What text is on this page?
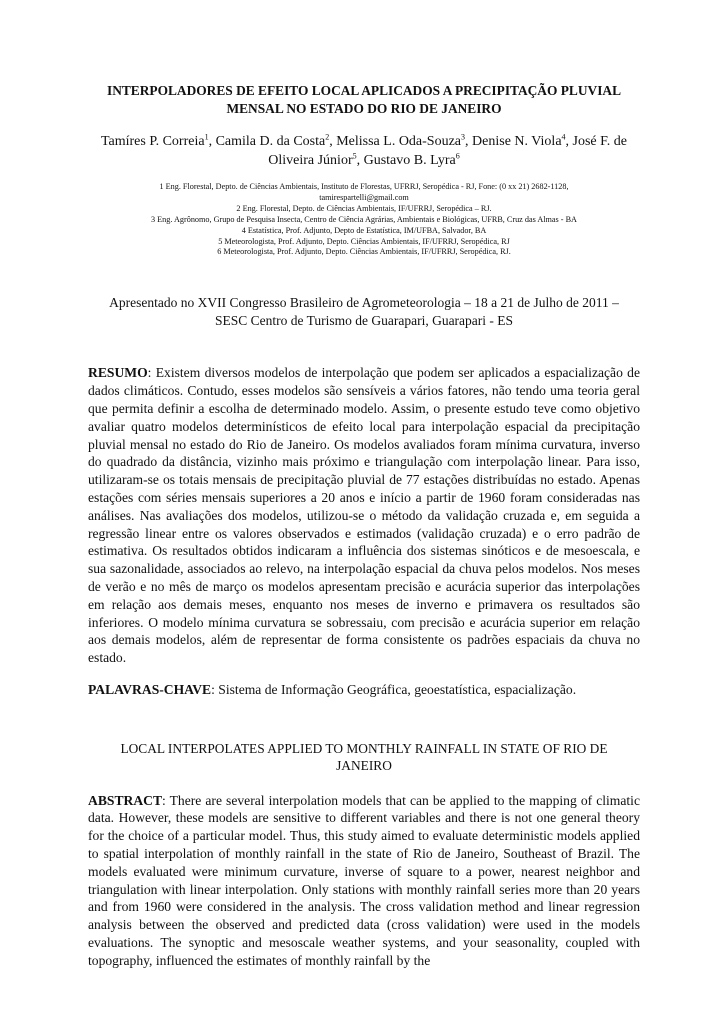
INTERPOLADORES DE EFEITO LOCAL APLICADOS A PRECIPITAÇÃO PLUVIAL
MENSAL NO ESTADO DO RIO DE JANEIRO
Tamíres P. Correia$^1$, Camila D. da Costa$^2$, Melissa L. Oda-Souza$^3$, Denise N. Viola$^4$, José F. de
Oliveira Júnior$^5$, Gustavo B. Lyra$^6$
1 Eng. Florestal, Depto. de Ciências Ambientais, Instituto de Florestas, UFRRJ, Seropédica - RJ, Fone: (0 xx 21) 2682-1128,
tamirespartelli@gmail.com
2 Eng. Florestal, Depto. de Ciências Ambientais, IF/UFRRJ, Seropédica – RJ.
3 Eng. Agrônomo, Grupo de Pesquisa Insecta, Centro de Ciência Agrárias, Ambientais e Biológicas, UFRB, Cruz das Almas - BA
4 Estatística, Prof. Adjunto, Depto de Estatística, IM/UFBA, Salvador, BA
5 Meteorologista, Prof. Adjunto, Depto. Ciências Ambientais, IF/UFRRJ, Seropédica, RJ
6 Meteorologista, Prof. Adjunto, Depto. Ciências Ambientais, IF/UFRRJ, Seropédica, RJ.
Apresentado no XVII Congresso Brasileiro de Agrometeorologia – 18 a 21 de Julho de 2011 –
SESC Centro de Turismo de Guarapari, Guarapari - ES

RESUMO: Existem diversos modelos de interpolação que podem ser aplicados a espacialização de dados climáticos. Contudo, esses modelos são sensíveis a vários fatores, não tendo uma teoria geral que permita definir a escolha de determinado modelo. Assim, o presente estudo teve como objetivo avaliar quatro modelos determinísticos de efeito local para interpolação espacial da precipitação pluvial mensal no estado do Rio de Janeiro. Os modelos avaliados foram mínima curvatura, inverso do quadrado da distância, vizinho mais próximo e triangulação com interpolação linear. Para isso, utilizaram-se os totais mensais de precipitação pluvial de 77 estações distribuídas no estado. Apenas estações com séries mensais superiores a 20 anos e início a partir de 1960 foram consideradas nas análises. Nas avaliações dos modelos, utilizou-se o método da validação cruzada e, em seguida a regressão linear entre os valores observados e estimados (validação cruzada) e o erro padrão de estimativa. Os resultados obtidos indicaram a influência dos sistemas sinóticos e de mesoescala, e sua sazonalidade, associados ao relevo, na interpolação espacial da chuva pelos modelos. Nos meses de verão e no mês de março os modelos apresentam precisão e acurácia superior das interpolações em relação aos demais meses, enquanto nos meses de inverno e primavera os resultados são inferiores. O modelo mínima curvatura se sobressaiu, com precisão e acurácia superior em relação aos demais modelos, além de representar de forma consistente os padrões espaciais da chuva no estado.

PALAVRAS-CHAVE: Sistema de Informação Geográfica, geoestatística, espacialização.

LOCAL INTERPOLATES APPLIED TO MONTHLY RAINFALL IN STATE OF RIO DE
JANEIRO

ABSTRACT: There are several interpolation models that can be applied to the mapping of climatic data. However, these models are sensitive to different variables and there is not one general theory for the choice of a particular model. Thus, this study aimed to evaluate deterministic models applied to spatial interpolation of monthly rainfall in the state of Rio de Janeiro, Southeast of Brazil. The models evaluated were minimum curvature, inverse of square to a power, nearest neighbor and triangulation with linear interpolation. Only stations with monthly rainfall series more than 20 years and from 1960 were considered in the analysis. The cross validation method and linear regression analysis between the observed and predicted data (cross validation) were used in the models evaluations. The synoptic and mesoscale weather systems, and your seasonality, coupled with topography, influenced the estimates of monthly rainfall by the
